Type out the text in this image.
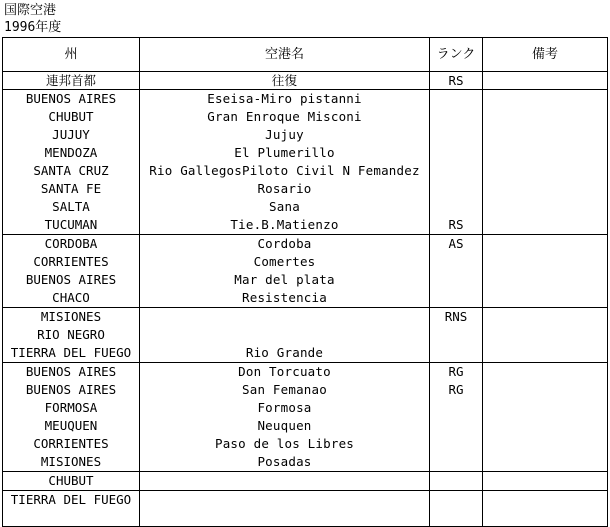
国際空港
1996年度
州	空港名	ランク	備考
連邦首都	往復	RS	
BUENOS AIRES	Eseisa-Miro pistanni		
CHUBUT	Gran Enroque Misconi		
JUJUY	Jujuy		
MENDOZA	El Plumerillo		
SANTA CRUZ	Rio GallegosPiloto Civil N Femandez		
SANTA FE	Rosario		
SALTA	Sana		
TUCUMAN	Tie.B.Matienzo	RS	
CORDOBA	Cordoba	AS	
CORRIENTES	Comertes		
BUENOS AIRES	Mar del plata		
CHACO	Resistencia		
MISIONES		RNS	
RIO NEGRO			
TIERRA DEL FUEGO	Rio Grande		
BUENOS AIRES	Don Torcuato	RG	
BUENOS AIRES	San Femanao	RG	
FORMOSA	Formosa		
MEUQUEN	Neuquen		
CORRIENTES	Paso de los Libres		
MISIONES	Posadas		
CHUBUT			
TIERRA DEL FUEGO			
